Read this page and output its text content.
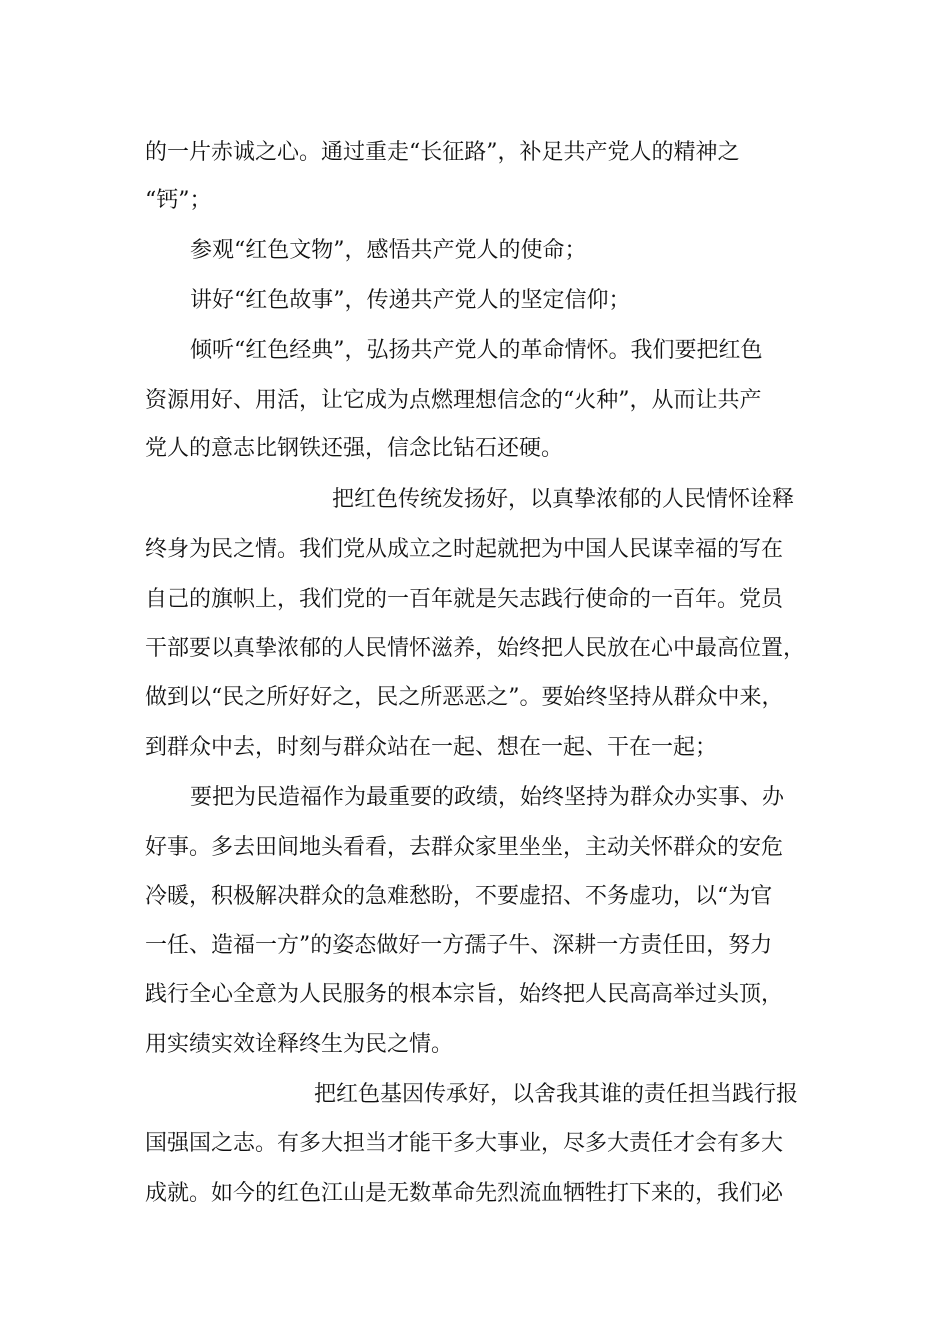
的一片赤诚之心。通过重走“长征路”，补足共产党人的精神之
“钙”；
参观“红色文物”，感悟共产党人的使命；
讲好“红色故事”，传递共产党人的坚定信仰；
倾听“红色经典”，弘扬共产党人的革命情怀。我们要把红色
资源用好、用活，让它成为点燃理想信念的“火种”，从而让共产
党人的意志比钢铁还强，信念比钻石还硬。
把红色传统发扬好，以真挚浓郁的人民情怀诠释
终身为民之情。我们党从成立之时起就把为中国人民谋幸福的写在
自己的旗帜上，我们党的一百年就是矢志践行使命的一百年。党员
干部要以真挚浓郁的人民情怀滋养，始终把人民放在心中最高位置，
做到以“民之所好好之，民之所恶恶之”。要始终坚持从群众中来，
到群众中去，时刻与群众站在一起、想在一起、干在一起；
要把为民造福作为最重要的政绩，始终坚持为群众办实事、办
好事。多去田间地头看看，去群众家里坐坐，主动关怀群众的安危
冷暖，积极解决群众的急难愁盼，不要虚招、不务虚功，以“为官
一任、造福一方”的姿态做好一方孺子牛、深耕一方责任田，努力
践行全心全意为人民服务的根本宗旨，始终把人民高高举过头顶，
用实绩实效诠释终生为民之情。
把红色基因传承好，以舍我其谁的责任担当践行报
国强国之志。有多大担当才能干多大事业，尽多大责任才会有多大
成就。如今的红色江山是无数革命先烈流血牺牲打下来的，我们必
